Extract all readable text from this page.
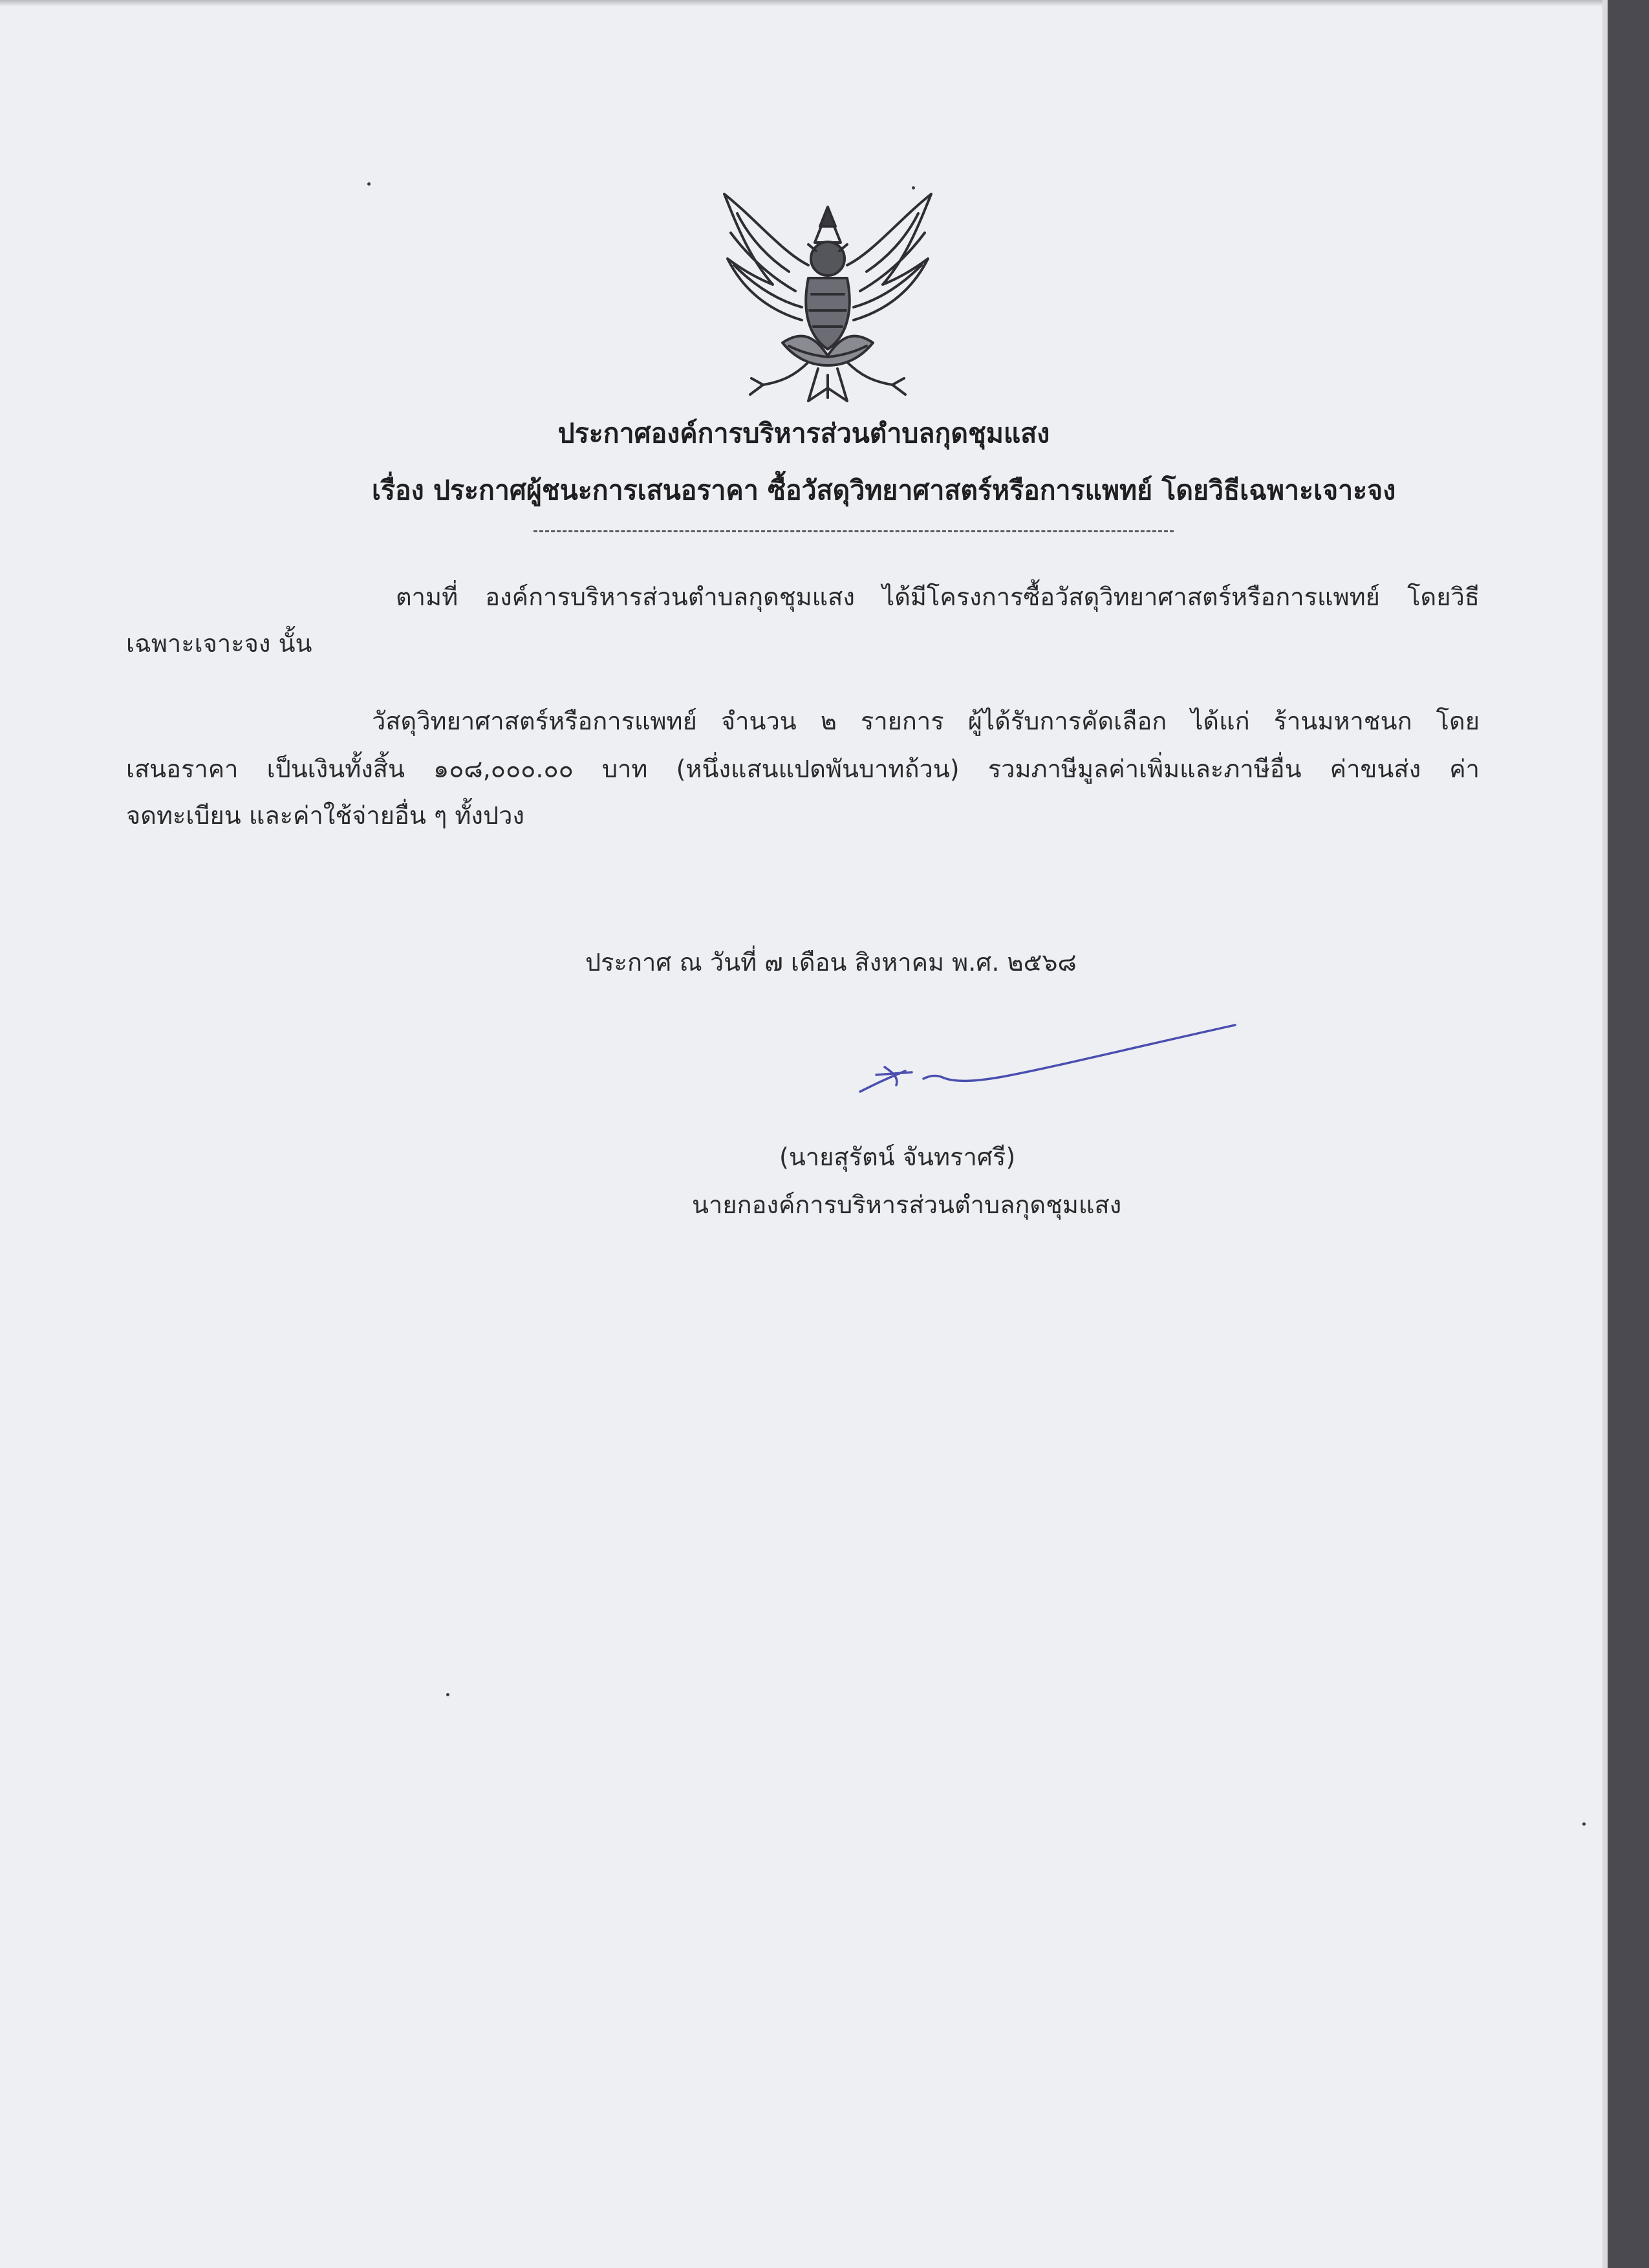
ประกาศองค์การบริหารส่วนตำบลกุดชุมแสง
เรื่อง ประกาศผู้ชนะการเสนอราคา ซื้อวัสดุวิทยาศาสตร์หรือการแพทย์ โดยวิธีเฉพาะเจาะจง
ตามที่ องค์การบริหารส่วนตำบลกุดชุมแสง ได้มีโครงการซื้อวัสดุวิทยาศาสตร์หรือการแพทย์ โดยวิธี
เฉพาะเจาะจง นั้น
วัสดุวิทยาศาสตร์หรือการแพทย์ จำนวน ๒ รายการ ผู้ได้รับการคัดเลือก ได้แก่ ร้านมหาชนก โดย
เสนอราคา เป็นเงินทั้งสิ้น ๑๐๘,๐๐๐.๐๐ บาท (หนึ่งแสนแปดพันบาทถ้วน) รวมภาษีมูลค่าเพิ่มและภาษีอื่น ค่าขนส่ง ค่า
จดทะเบียน และค่าใช้จ่ายอื่น ๆ ทั้งปวง
ประกาศ ณ วันที่ ๗ เดือน สิงหาคม พ.ศ. ๒๕๖๘
(นายสุรัตน์ จันทราศรี)
นายกองค์การบริหารส่วนตำบลกุดชุมแสง
